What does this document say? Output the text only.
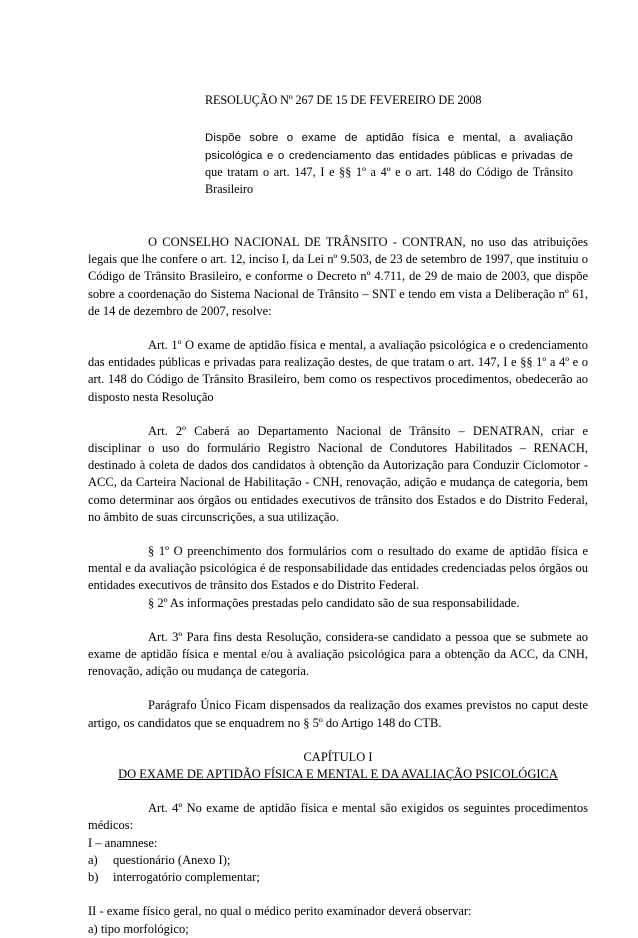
RESOLUÇÃO Nº 267 DE 15 DE FEVEREIRO DE 2008
Dispõe sobre o exame de aptidão física e mental, a avaliação psicológica e o credenciamento das entidades públicas e privadas de que tratam o art. 147, I e §§ 1º a 4º e o art. 148 do Código de Trânsito Brasileiro

O CONSELHO NACIONAL DE TRÂNSITO - CONTRAN, no uso das atribuições legais que lhe confere o art. 12, inciso I, da Lei nº 9.503, de 23 de setembro de 1997, que instituiu o Código de Trânsito Brasileiro, e conforme o Decreto nº 4.711, de 29 de maio de 2003, que dispõe sobre a coordenação do Sistema Nacional de Trânsito – SNT e tendo em vista a Deliberação nº 61, de 14 de dezembro de 2007, resolve:

Art. 1º O exame de aptidão física e mental, a avaliação psicológica e o credenciamento das entidades públicas e privadas para realização destes, de que tratam o art. 147, I e §§ 1º a 4º e o art. 148 do Código de Trânsito Brasileiro, bem como os respectivos procedimentos, obedecerão ao disposto nesta Resolução

Art. 2º Caberá ao Departamento Nacional de Trânsito – DENATRAN, criar e disciplinar o uso do formulário Registro Nacional de Condutores Habilitados – RENACH, destinado à coleta de dados dos candidatos à obtenção da Autorização para Conduzir Ciclomotor - ACC, da Carteira Nacional de Habilitação - CNH, renovação, adição e mudança de categoria, bem como determinar aos órgãos ou entidades executivos de trânsito dos Estados e do Distrito Federal, no âmbito de suas circunscrições, a sua utilização.

§ 1º O preenchimento dos formulários com o resultado do exame de aptidão física e mental e da avaliação psicológica é de responsabilidade das entidades credenciadas pelos órgãos ou entidades executivos de trânsito dos Estados e do Distrito Federal.

§ 2º As informações prestadas pelo candidato são de sua responsabilidade.

Art. 3º Para fins desta Resolução, considera-se candidato a pessoa que se submete ao exame de aptidão física e mental e/ou à avaliação psicológica para a obtenção da ACC, da CNH, renovação, adição ou mudança de categoria.

Parágrafo Único Ficam dispensados da realização dos exames previstos no caput deste artigo, os candidatos que se enquadrem no § 5º do Artigo 148 do CTB.

CAPÍTULO I

DO EXAME DE APTIDÃO FÍSICA E MENTAL E DA AVALIAÇÃO PSICOLÓGICA

Art. 4º No exame de aptidão física e mental são exigidos os seguintes procedimentos médicos:

I – anamnese:

a)	questionário (Anexo I);

b)	interrogatório complementar;

II - exame físico geral, no qual o médico perito examinador deverá observar:

a) tipo morfológico;
